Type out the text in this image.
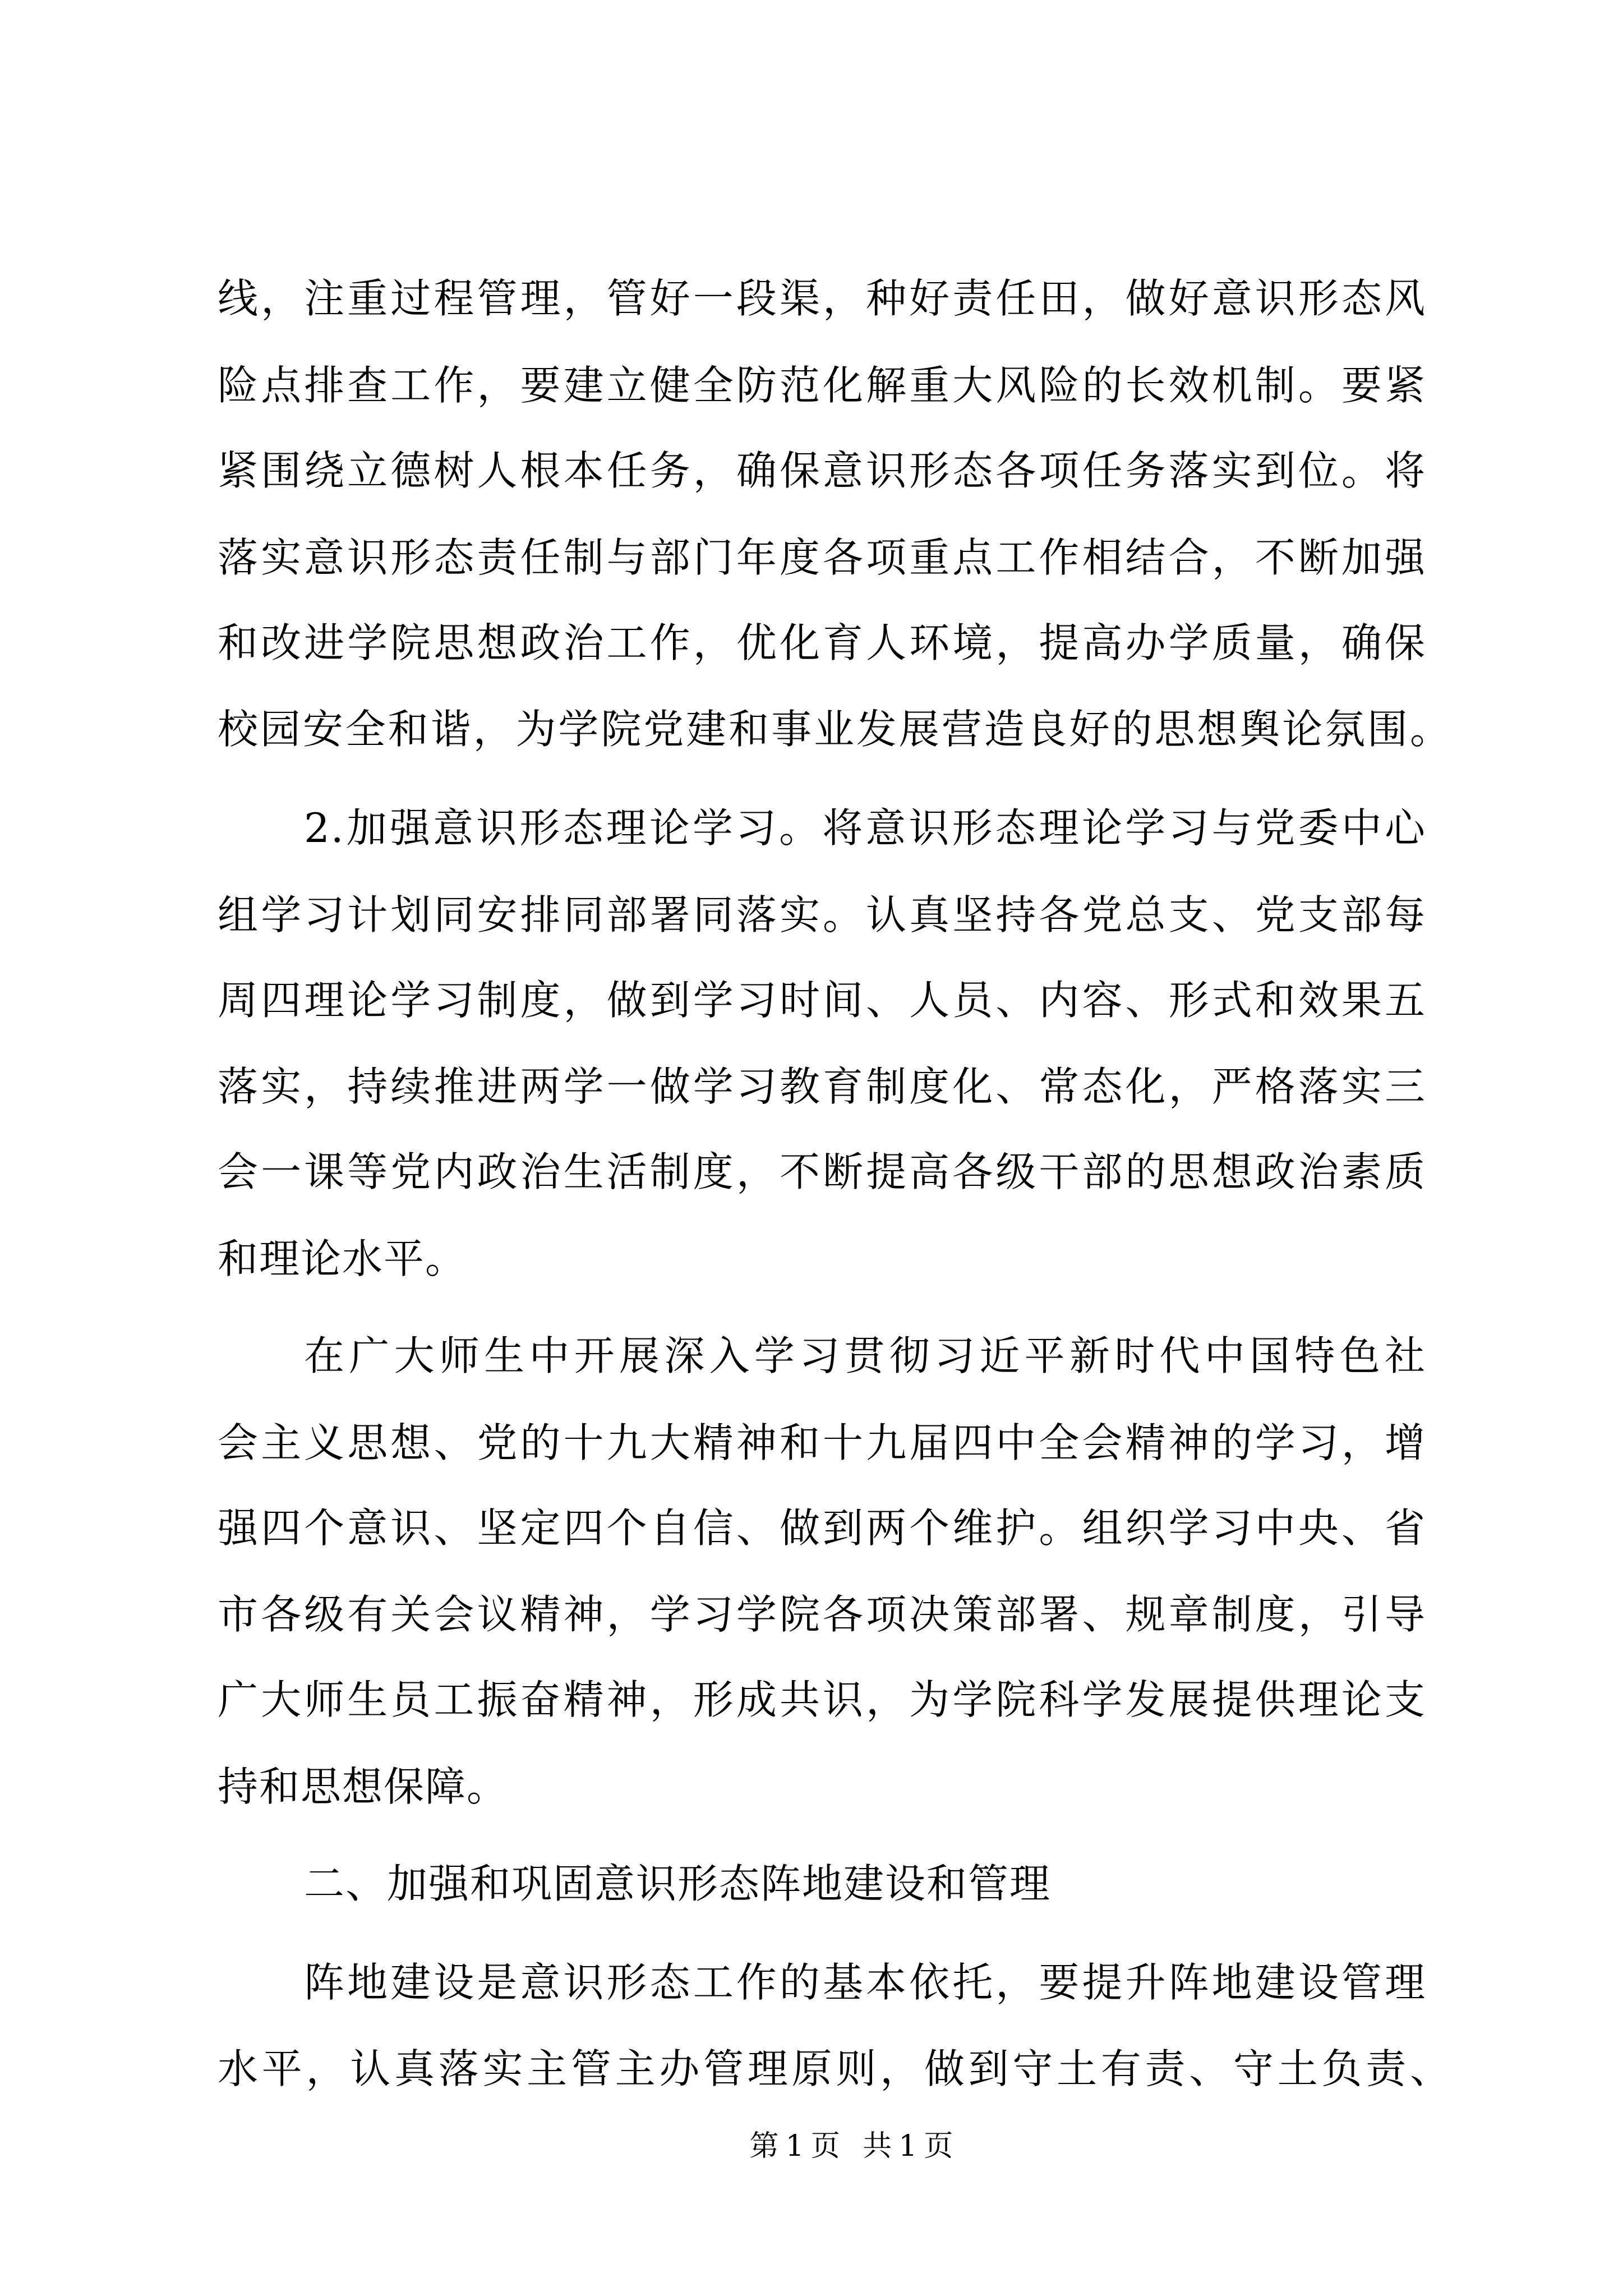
线，注重过程管理，管好一段渠，种好责任田，做好意识形态风
险点排查工作，要建立健全防范化解重大风险的长效机制。要紧
紧围绕立德树人根本任务，确保意识形态各项任务落实到位。将
落实意识形态责任制与部门年度各项重点工作相结合，不断加强
和改进学院思想政治工作，优化育人环境，提高办学质量，确保
校园安全和谐，为学院党建和事业发展营造良好的思想舆论氛围。
2.加强意识形态理论学习。将意识形态理论学习与党委中心
组学习计划同安排同部署同落实。认真坚持各党总支、党支部每
周四理论学习制度，做到学习时间、人员、内容、形式和效果五
落实，持续推进两学一做学习教育制度化、常态化，严格落实三
会一课等党内政治生活制度，不断提高各级干部的思想政治素质
和理论水平。
在广大师生中开展深入学习贯彻习近平新时代中国特色社
会主义思想、党的十九大精神和十九届四中全会精神的学习，增
强四个意识、坚定四个自信、做到两个维护。组织学习中央、省
市各级有关会议精神，学习学院各项决策部署、规章制度，引导
广大师生员工振奋精神，形成共识，为学院科学发展提供理论支
持和思想保障。
二、加强和巩固意识形态阵地建设和管理
阵地建设是意识形态工作的基本依托，要提升阵地建设管理
水平，认真落实主管主办管理原则，做到守土有责、守土负责、
第1页 共1页
